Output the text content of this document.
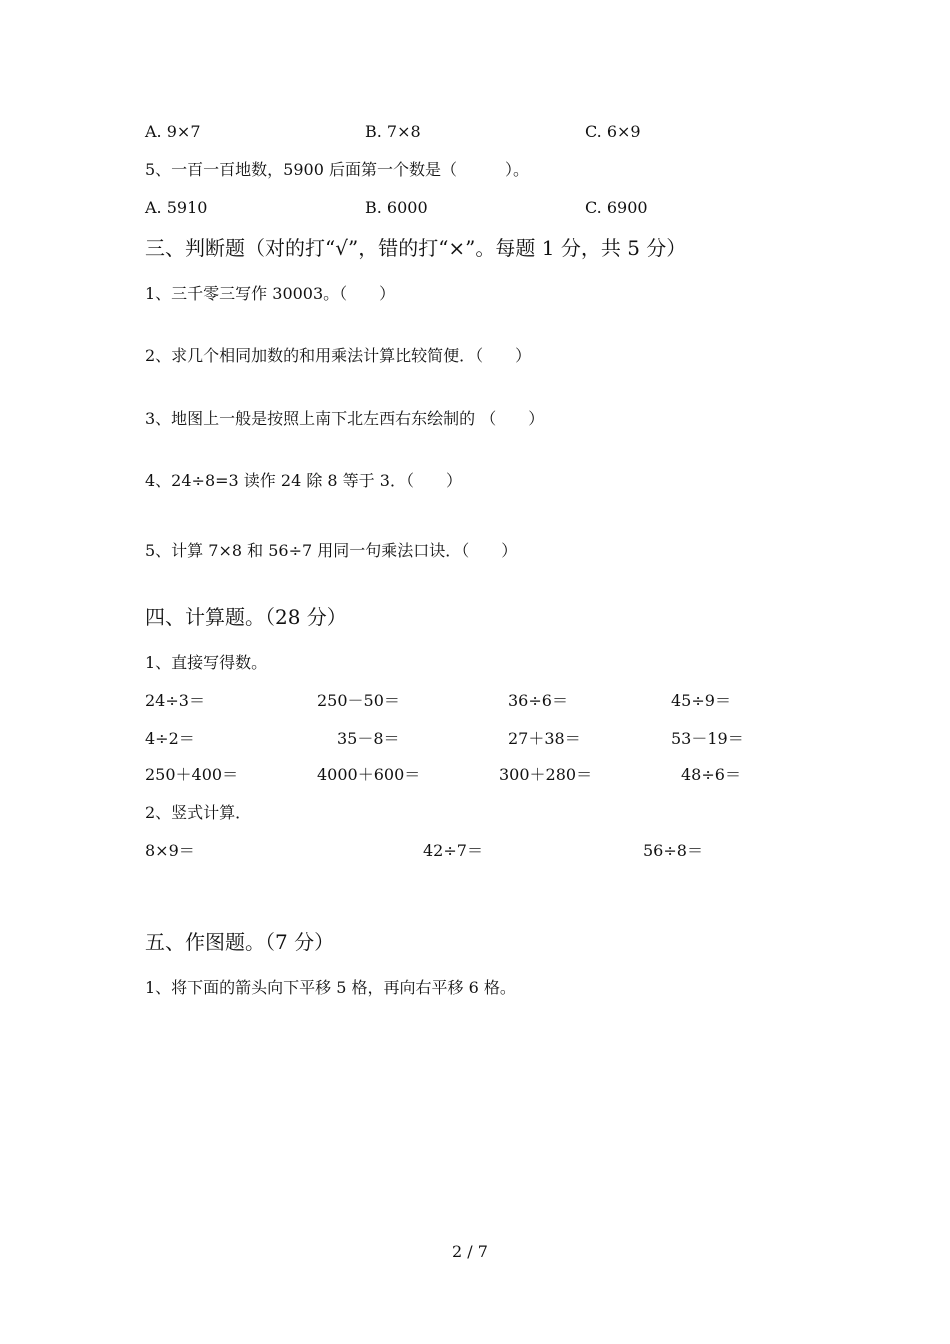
A. 9×7	B. 7×8	C. 6×9
5、一百一百地数，5900 后面第一个数是（　　　）。
A. 5910	B. 6000	C. 6900
三、判断题（对的打“√”，错的打“×”。每题 1 分，共 5 分）
1、三千零三写作 30003。（　　）
2、求几个相同加数的和用乘法计算比较简便．（　　）
3、地图上一般是按照上南下北左西右东绘制的 （　　）
4、24÷8=3 读作 24 除 8 等于 3．（　　）
5、计算 7×8 和 56÷7 用同一句乘法口诀．（　　）
四、计算题。（28 分）
1、直接写得数。
24÷3＝	250－50＝	36÷6＝	45÷9＝
4÷2＝	35－8＝	27＋38＝	53－19＝
250＋400＝	4000＋600＝	300＋280＝	48÷6＝
2、竖式计算．
8×9＝	42÷7＝	56÷8＝
五、作图题。（7 分）
1、将下面的箭头向下平移 5 格，再向右平移 6 格。
2 / 7
